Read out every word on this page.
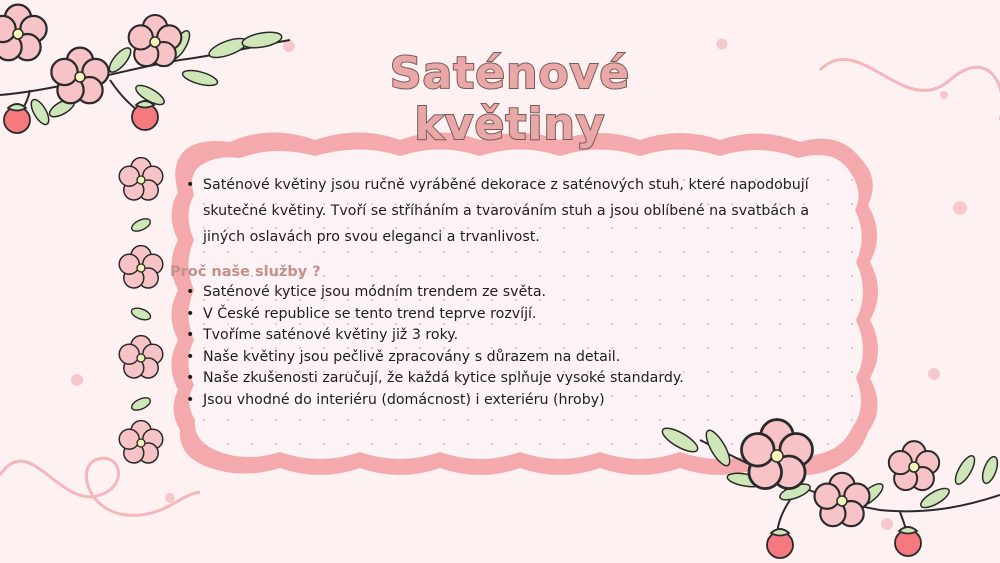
Saténové květiny
• Saténové květiny jsou ručně vyráběné dekorace z saténových stuh, které napodobují skutečné květiny. Tvoří se stříháním a tvarováním stuh a jsou oblíbené na svatbách a jiných oslavách pro svou eleganci a trvanlivost.
Proč naše služby ?
• Saténové kytice jsou módním trendem ze světa.
• V České republice se tento trend teprve rozvíjí.
• Tvoříme saténové květiny již 3 roky.
• Naše květiny jsou pečlivě zpracovány s důrazem na detail.
• Naše zkušenosti zaručují, že každá kytice splňuje vysoké standardy.
• Jsou vhodné do interiéru (domácnost) i exteriéru (hroby)
